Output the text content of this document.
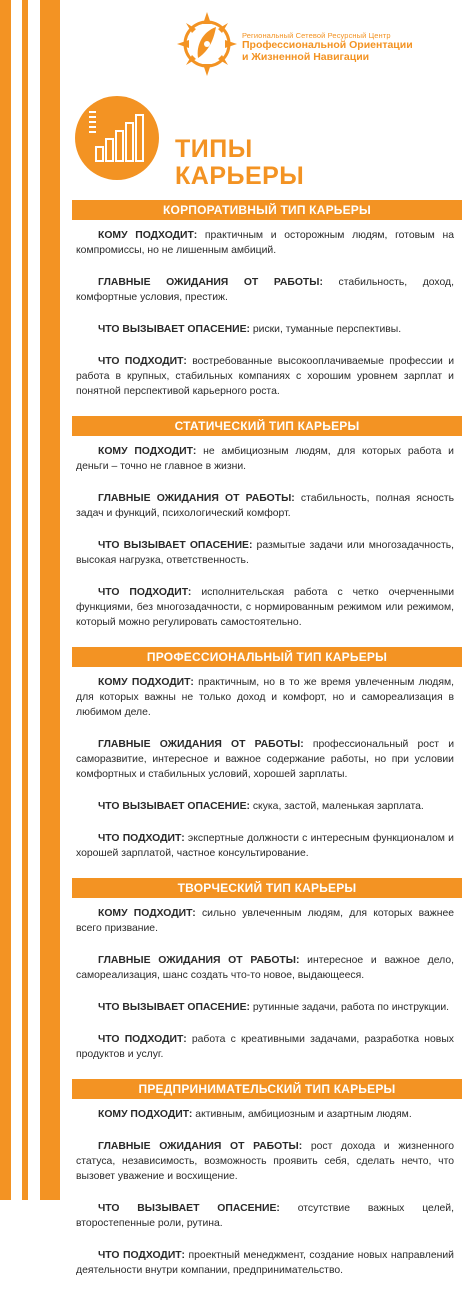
Региональный Сетевой Ресурсный Центр
Профессиональной Ориентации
и Жизненной Навигации
ТИПЫ
КАРЬЕРЫ
КОРПОРАТИВНЫЙ ТИП КАРЬЕРЫ
КОМУ ПОДХОДИТ: практичным и осторожным людям, готовым на компромиссы, но не лишенным амбиций.
ГЛАВНЫЕ ОЖИДАНИЯ ОТ РАБОТЫ: стабильность, доход, комфортные условия, престиж.
ЧТО ВЫЗЫВАЕТ ОПАСЕНИЕ: риски, туманные перспективы.
ЧТО ПОДХОДИТ: востребованные высокооплачиваемые профессии и работа в крупных, стабильных компаниях с хорошим уровнем зарплат и понятной перспективой карьерного роста.
СТАТИЧЕСКИЙ ТИП КАРЬЕРЫ
КОМУ ПОДХОДИТ: не амбициозным людям, для которых работа и деньги – точно не главное в жизни.
ГЛАВНЫЕ ОЖИДАНИЯ ОТ РАБОТЫ: стабильность, полная ясность задач и функций, психологический комфорт.
ЧТО ВЫЗЫВАЕТ ОПАСЕНИЕ: размытые задачи или многозадачность, высокая нагрузка, ответственность.
ЧТО ПОДХОДИТ: исполнительская работа с четко очерченными функциями, без многозадачности, с нормированным режимом или режимом, который можно регулировать самостоятельно.
ПРОФЕССИОНАЛЬНЫЙ ТИП КАРЬЕРЫ
КОМУ ПОДХОДИТ: практичным, но в то же время увлеченным людям, для которых важны не только доход и комфорт, но и самореализация в любимом деле.
ГЛАВНЫЕ ОЖИДАНИЯ ОТ РАБОТЫ: профессиональный рост и саморазвитие, интересное и важное содержание работы, но при условии комфортных и стабильных условий, хорошей зарплаты.
ЧТО ВЫЗЫВАЕТ ОПАСЕНИЕ: скука, застой, маленькая зарплата.
ЧТО ПОДХОДИТ: экспертные должности с интересным функционалом и хорошей зарплатой, частное консультирование.
ТВОРЧЕСКИЙ ТИП КАРЬЕРЫ
КОМУ ПОДХОДИТ: сильно увлеченным людям, для которых важнее всего призвание.
ГЛАВНЫЕ ОЖИДАНИЯ ОТ РАБОТЫ: интересное и важное дело, самореализация, шанс создать что-то новое, выдающееся.
ЧТО ВЫЗЫВАЕТ ОПАСЕНИЕ: рутинные задачи, работа по инструкции.
ЧТО ПОДХОДИТ: работа с креативными задачами, разработка новых продуктов и услуг.
ПРЕДПРИНИМАТЕЛЬСКИЙ ТИП КАРЬЕРЫ
КОМУ ПОДХОДИТ: активным, амбициозным и азартным людям.
ГЛАВНЫЕ ОЖИДАНИЯ ОТ РАБОТЫ: рост дохода и жизненного статуса, независимость, возможность проявить себя, сделать нечто, что вызовет уважение и восхищение.
ЧТО ВЫЗЫВАЕТ ОПАСЕНИЕ: отсутствие важных целей, второстепенные роли, рутина.
ЧТО ПОДХОДИТ: проектный менеджмент, создание новых направлений деятельности внутри компании, предпринимательство.
